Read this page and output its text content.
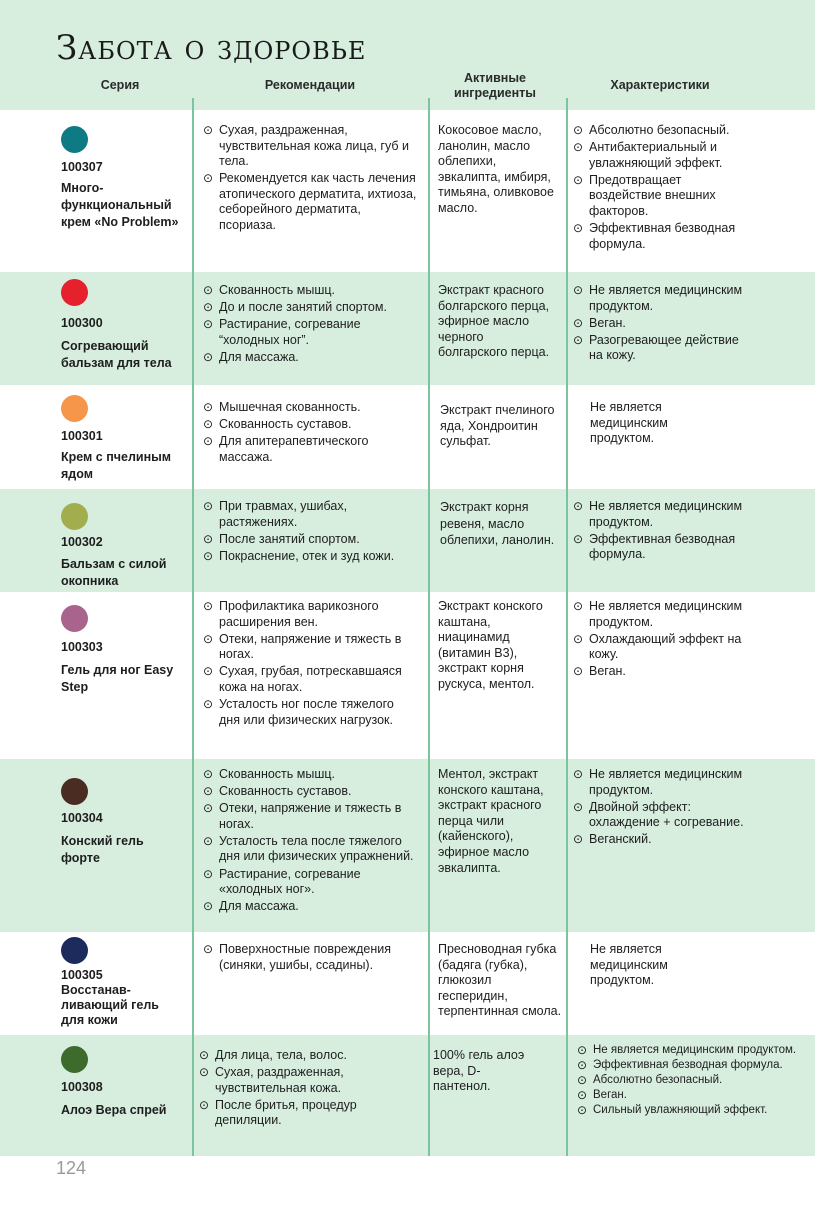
Забота о здоровье
Серия	Рекомендации	Активные ингредиенты
Характеристики
100307
Много-функциональный крем «No Problem»
⊙ Сухая, раздраженная, чувствительная кожа лица, губ и тела.
⊙ Рекомендуется как часть лечения атопического дерматита, ихтиоза, себорейного дерматита, псориаза.
Кокосовое масло, ланолин, масло облепихи, эвкалипта, имбиря, тимьяна, оливковое масло.
⊙ Абсолютно безопасный.
⊙ Антибактериальный и увлажняющий эффект.
⊙ Предотвращает воздействие внешних факторов.
⊙ Эффективная безводная формула.
100300
Согревающий бальзам для тела
⊙ Скованность мышц.
⊙ До и после занятий спортом.
⊙ Растирание, согревание “холодных ног”.
⊙ Для массажа.
Экстракт красного болгарского перца, эфирное масло черного болгарского перца.
⊙ Не является медицинским продуктом.
⊙ Веган.
⊙ Разогревающее действие на кожу.
100301
Крем с пчелиным ядом
⊙ Мышечная скованность.
⊙ Скованность суставов.
⊙ Для апитерапевтического массажа.
Экстракт пчелиного яда, Хондроитин сульфат.
Не является медицинским продуктом.
100302
Бальзам с силой окопника
⊙ При травмах, ушибах, растяжениях.
⊙ После занятий спортом.
⊙ Покраснение, отек и зуд кожи.
Экстракт корня ревеня, масло облепихи, ланолин.
⊙ Не является медицинским продуктом.
⊙ Эффективная безводная формула.
100303
Гель для ног Easy Step
⊙ Профилактика варикозного расширения вен.
⊙ Отеки, напряжение и тяжесть в ногах.
⊙ Сухая, грубая, потрескавшаяся кожа на ногах.
⊙ Усталость ног после тяжелого дня или физических нагрузок.
Экстракт конского каштана, ниацинамид (витамин В3), экстракт корня рускуса, ментол.
⊙ Не является медицинским продуктом.
⊙ Охлаждающий эффект на кожу.
⊙ Веган.
100304
Конский гель форте
⊙ Скованность мышц.
⊙ Скованность суставов.
⊙ Отеки, напряжение и тяжесть в ногах.
⊙ Усталость тела после тяжелого дня или физических упражнений.
⊙ Растирание, согревание «холодных ног».
⊙ Для массажа.
Ментол, экстракт конского каштана, экстракт красного перца чили (кайенского), эфирное масло эвкалипта.
⊙ Не является медицинским продуктом.
⊙ Двойной эффект: охлаждение + согревание.
⊙ Веганский.
100305
Восстанав-ливающий гель для кожи
⊙ Поверхностные повреждения (синяки, ушибы, ссадины).
Пресноводная губка (бадяга (губка), глюкозил гесперидин, терпентинная смола.
Не является медицинским продуктом.
100308
Алоэ Вера спрей
⊙ Для лица, тела, волос.
⊙ Сухая, раздраженная, чувствительная кожа.
⊙ После бритья, процедур депиляции.
100% гель алоэ вера, D-пантенол.
⊙ Не является медицинским продуктом.
⊙ Эффективная безводная формула.
⊙ Абсолютно безопасный.
⊙ Веган.
⊙ Сильный увлажняющий эффект.
124
